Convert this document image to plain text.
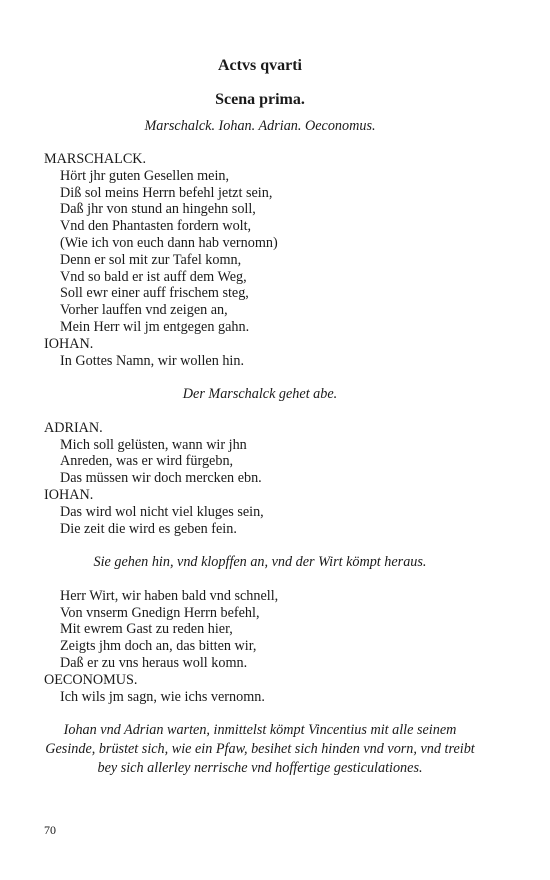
Actvs qvarti
Scena prima.
Marschalck. Iohan. Adrian. Oeconomus.
MARSCHALCK.
Hört jhr guten Gesellen mein,
Diß sol meins Herrn befehl jetzt sein,
Daß jhr von stund an hingehn soll,
Vnd den Phantasten fordern wolt,
(Wie ich von euch dann hab vernomn)
Denn er sol mit zur Tafel komn,
Vnd so bald er ist auff dem Weg,
Soll ewr einer auff frischem steg,
Vorher lauffen vnd zeigen an,
Mein Herr wil jm entgegen gahn.
IOHAN.
In Gottes Namn, wir wollen hin.
Der Marschalck gehet abe.
ADRIAN.
Mich soll gelüsten, wann wir jhn
Anreden, was er wird fürgebn,
Das müssen wir doch mercken ebn.
IOHAN.
Das wird wol nicht viel kluges sein,
Die zeit die wird es geben fein.
Sie gehen hin, vnd klopffen an, vnd der Wirt kömpt heraus.
Herr Wirt, wir haben bald vnd schnell,
Von vnserm Gnedign Herrn befehl,
Mit ewrem Gast zu reden hier,
Zeigts jhm doch an, das bitten wir,
Daß er zu vns heraus woll komn.
OECONOMUS.
Ich wils jm sagn, wie ichs vernomn.
Iohan vnd Adrian warten, inmittelst kömpt Vincentius mit alle seinem Gesinde, brüstet sich, wie ein Pfaw, besihet sich hinden vnd vorn, vnd treibt bey sich allerley nerrische vnd hoffertige gesticulationes.
70
